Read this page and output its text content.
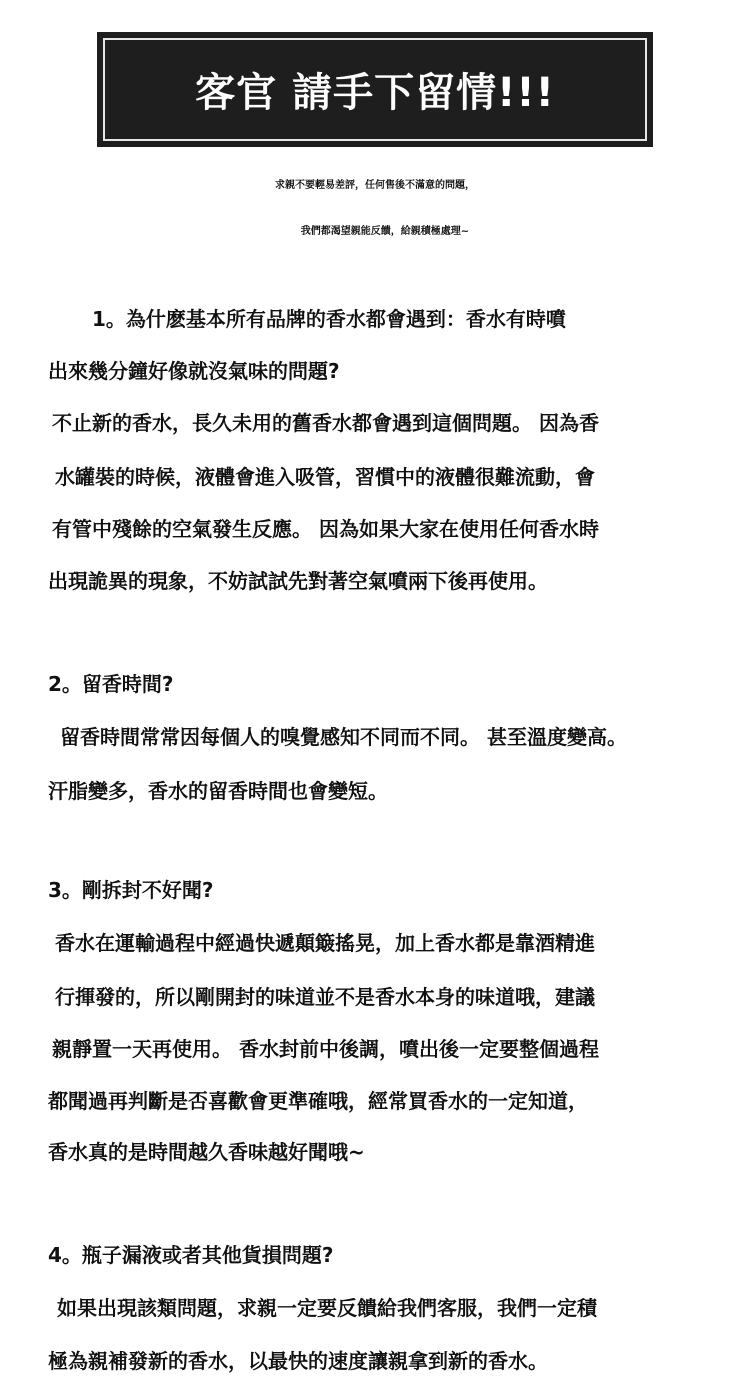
客官 請手下留情!!!
求親不要輕易差評，任何售後不滿意的問題，
我們都渴望親能反饋，給親積極處理~
1。為什麽基本所有品牌的香水都會遇到：香水有時噴
出來幾分鐘好像就沒氣味的問題?
不止新的香水，長久未用的舊香水都會遇到這個問題。 因為香
水罐裝的時候，液體會進入吸管，習慣中的液體很難流動，會
有管中殘餘的空氣發生反應。 因為如果大家在使用任何香水時
出現詭異的現象，不妨試試先對著空氣噴兩下後再使用。
2。留香時間?
留香時間常常因每個人的嗅覺感知不同而不同。 甚至溫度變高。
汗脂變多，香水的留香時間也會變短。
3。剛拆封不好聞?
香水在運輸過程中經過快遞顛簸搖晃，加上香水都是靠酒精進
行揮發的，所以剛開封的味道並不是香水本身的味道哦，建議
親靜置一天再使用。 香水封前中後調，噴出後一定要整個過程
都聞過再判斷是否喜歡會更準確哦，經常買香水的一定知道，
香水真的是時間越久香味越好聞哦~
4。瓶子漏液或者其他貨損問題?
如果出現該類問題，求親一定要反饋給我們客服，我們一定積
極為親補發新的香水，以最快的速度讓親拿到新的香水。
